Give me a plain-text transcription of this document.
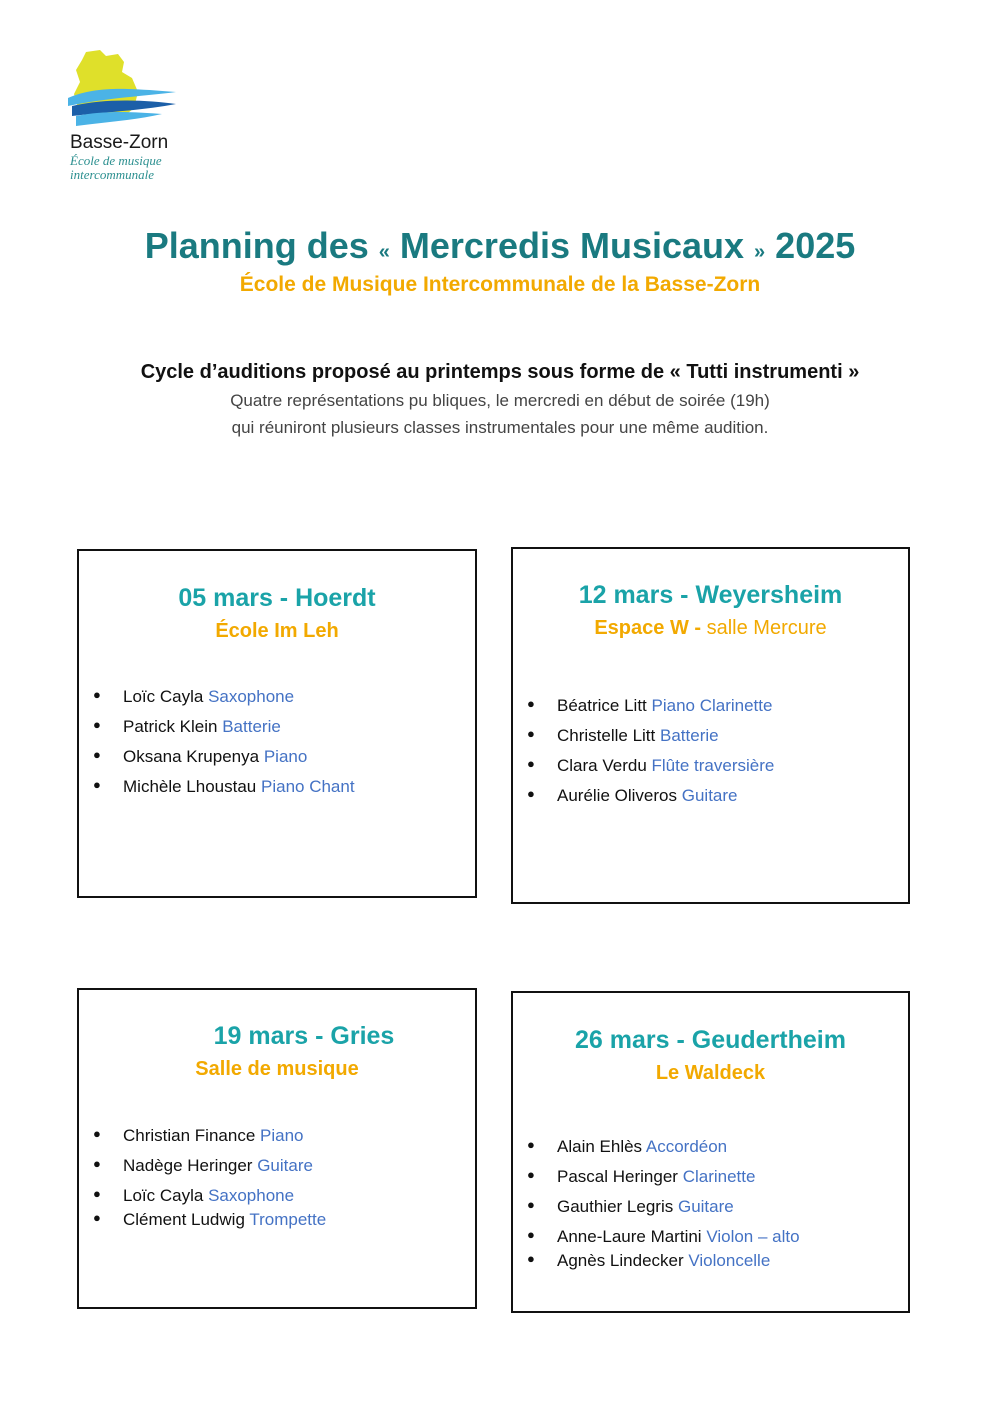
Basse-Zorn
École de musique
intercommunale
Planning des « Mercredis Musicaux » 2025
École de Musique Intercommunale de la Basse-Zorn
Cycle d’auditions proposé au printemps sous forme de « Tutti instrumenti »
Quatre représentations pu bliques, le mercredi en début de soirée (19h)
qui réuniront plusieurs classes instrumentales pour une même audition.
05 mars - Hoerdt
École Im Leh
● Loïc Cayla Saxophone
● Patrick Klein Batterie
● Oksana Krupenya Piano
● Michèle Lhoustau Piano Chant
12 mars - Weyersheim
Espace W - salle Mercure
● Béatrice Litt Piano Clarinette
● Christelle Litt Batterie
● Clara Verdu Flûte traversière
● Aurélie Oliveros Guitare
19 mars - Gries
Salle de musique
● Christian Finance Piano
● Nadège Heringer Guitare
● Loïc Cayla Saxophone
● Clément Ludwig Trompette
26 mars - Geudertheim
Le Waldeck
● Alain Ehlès Accordéon
● Pascal Heringer Clarinette
● Gauthier Legris Guitare
● Anne-Laure Martini Violon – alto
● Agnès Lindecker Violoncelle
